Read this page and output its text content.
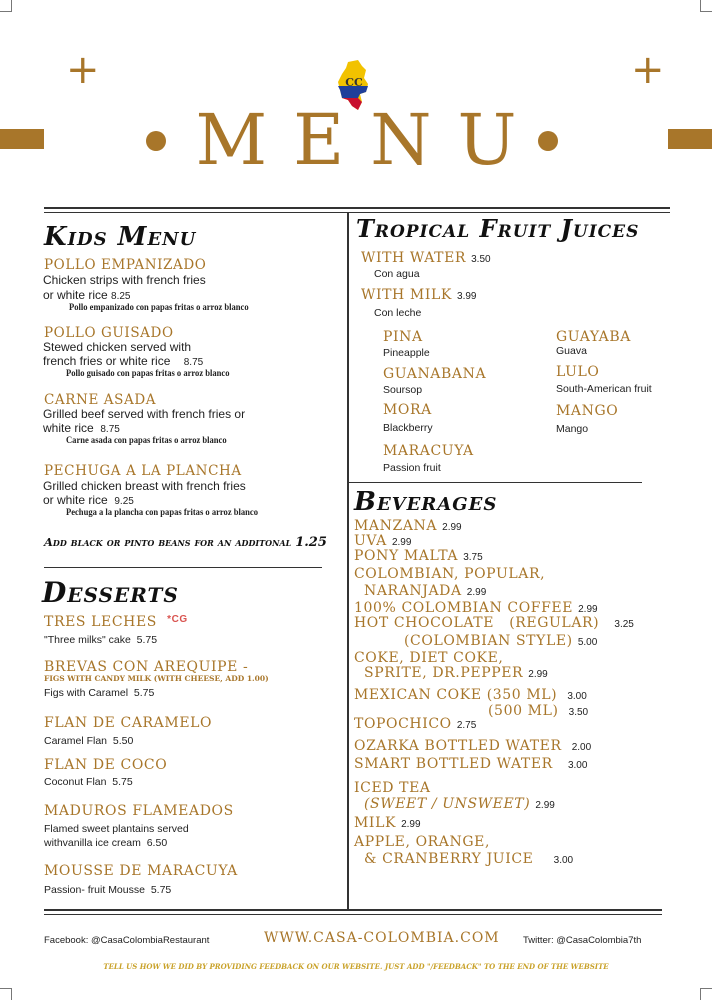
+	+
CC
MENU
Kids Menu
POLLO EMPANIZADO
Chicken strips with french fries
or white rice 8.25
Pollo empanizado con papas fritas o arroz blanco
POLLO GUISADO
Stewed chicken served with
french fries or white rice 8.75
Pollo guisado con papas fritas o arroz blanco
CARNE ASADA
Grilled beef served with french fries or
white rice 8.75
Carne asada con papas fritas o arroz blanco
PECHUGA A LA PLANCHA
Grilled chicken breast with french fries
or white rice 9.25
Pechuga a la plancha con papas fritas o arroz blanco
Add black or pinto beans for an additonal 1.25
Desserts
TRES LECHES $^{*CG}$
"Three milks" cake 5.75
BREVAS CON AREQUIPE -
FIGS WITH CANDY MILK (WITH CHEESE, ADD 1.00)
Figs with Caramel 5.75
FLAN DE CARAMELO
Caramel Flan 5.50
FLAN DE COCO
Coconut Flan 5.75
MADUROS FLAMEADOS
Flamed sweet plantains served
withvanilla ice cream 6.50
MOUSSE DE MARACUYA
Passion- fruit Mousse 5.75
Tropical Fruit Juices
WITH WATER 3.50
Con agua
WITH MILK 3.99
Con leche
PINA
Pineapple
GUANABANA
Soursop
MORA
Blackberry
MARACUYA
Passion fruit
GUAYABA
Guava
LULO
South-American fruit
MANGO
Mango
Beverages
MANZANA 2.99
UVA 2.99
PONY MALTA 3.75
COLOMBIAN, POPULAR,
NARANJADA 2.99
100% COLOMBIAN COFFEE 2.99
HOT CHOCOLATE   (REGULAR) 3.25
(COLOMBIAN STYLE) 5.00
COKE, DIET COKE,
SPRITE, DR.PEPPER 2.99
MEXICAN COKE (350 ML) 3.00
(500 ML) 3.50
TOPOCHICO 2.75
OZARKA BOTTLED WATER 2.00
SMART BOTTLED WATER 3.00
ICED TEA
(SWEET / UNSWEET) 2.99
MILK 2.99
APPLE, ORANGE,
& CRANBERRY JUICE 3.00
Facebook: @CasaColombiaRestaurant	WWW.CASA-COLOMBIA.COM Twitter: @CasaColombia7th
TELL US HOW WE DID BY PROVIDING FEEDBACK ON OUR WEBSITE. JUST ADD "/FEEDBACK" TO THE END OF THE WEBSITE
